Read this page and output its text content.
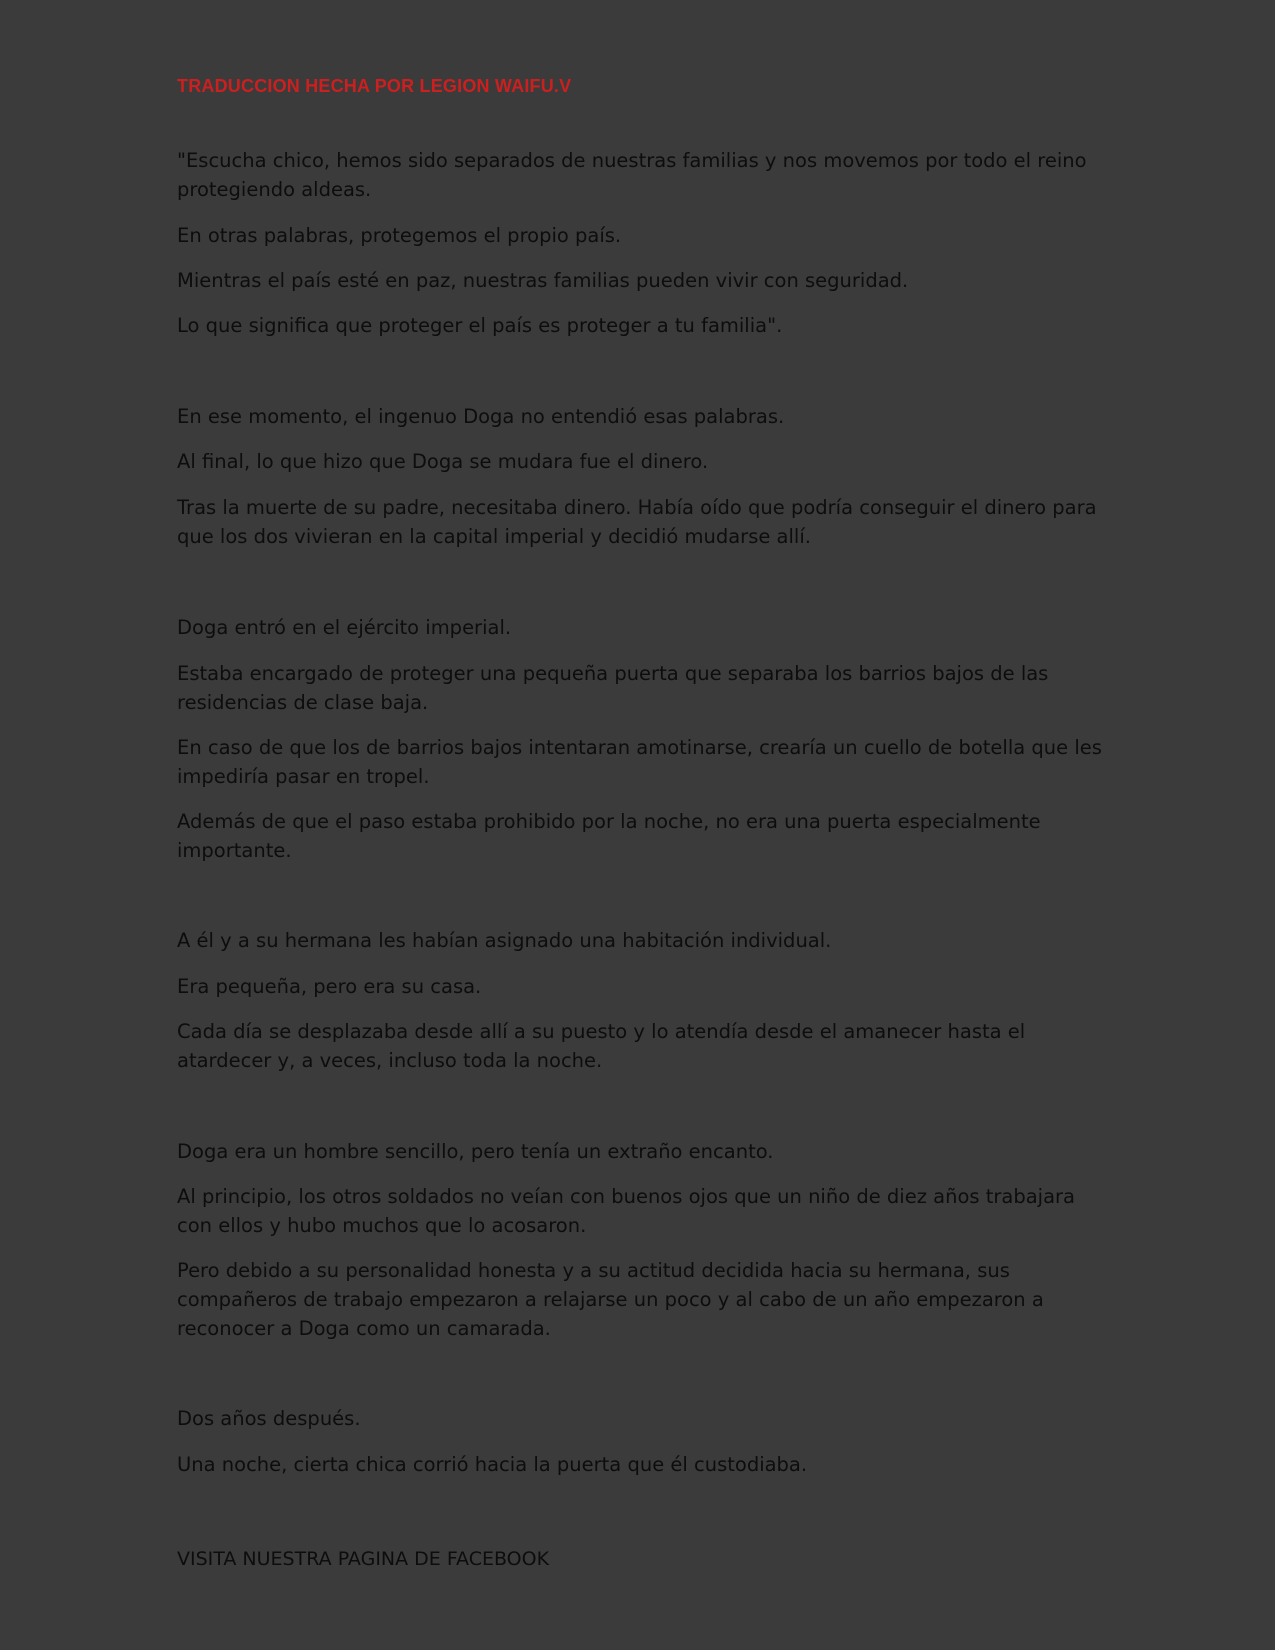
TRADUCCION HECHA POR LEGION WAIFU.V

"Escucha chico, hemos sido separados de nuestras familias y nos movemos por todo el reino protegiendo aldeas.

En otras palabras, protegemos el propio país.

Mientras el país esté en paz, nuestras familias pueden vivir con seguridad.

Lo que significa que proteger el país es proteger a tu familia".

En ese momento, el ingenuo Doga no entendió esas palabras.

Al final, lo que hizo que Doga se mudara fue el dinero.

Tras la muerte de su padre, necesitaba dinero. Había oído que podría conseguir el dinero para que los dos vivieran en la capital imperial y decidió mudarse allí.

Doga entró en el ejército imperial.

Estaba encargado de proteger una pequeña puerta que separaba los barrios bajos de las residencias de clase baja.

En caso de que los de barrios bajos intentaran amotinarse, crearía un cuello de botella que les impediría pasar en tropel.

Además de que el paso estaba prohibido por la noche, no era una puerta especialmente importante.

A él y a su hermana les habían asignado una habitación individual.

Era pequeña, pero era su casa.

Cada día se desplazaba desde allí a su puesto y lo atendía desde el amanecer hasta el atardecer y, a veces, incluso toda la noche.

Doga era un hombre sencillo, pero tenía un extraño encanto.

Al principio, los otros soldados no veían con buenos ojos que un niño de diez años trabajara con ellos y hubo muchos que lo acosaron.

Pero debido a su personalidad honesta y a su actitud decidida hacia su hermana, sus compañeros de trabajo empezaron a relajarse un poco y al cabo de un año empezaron a reconocer a Doga como un camarada.

Dos años después.

Una noche, cierta chica corrió hacia la puerta que él custodiaba.

VISITA NUESTRA PAGINA DE FACEBOOK
